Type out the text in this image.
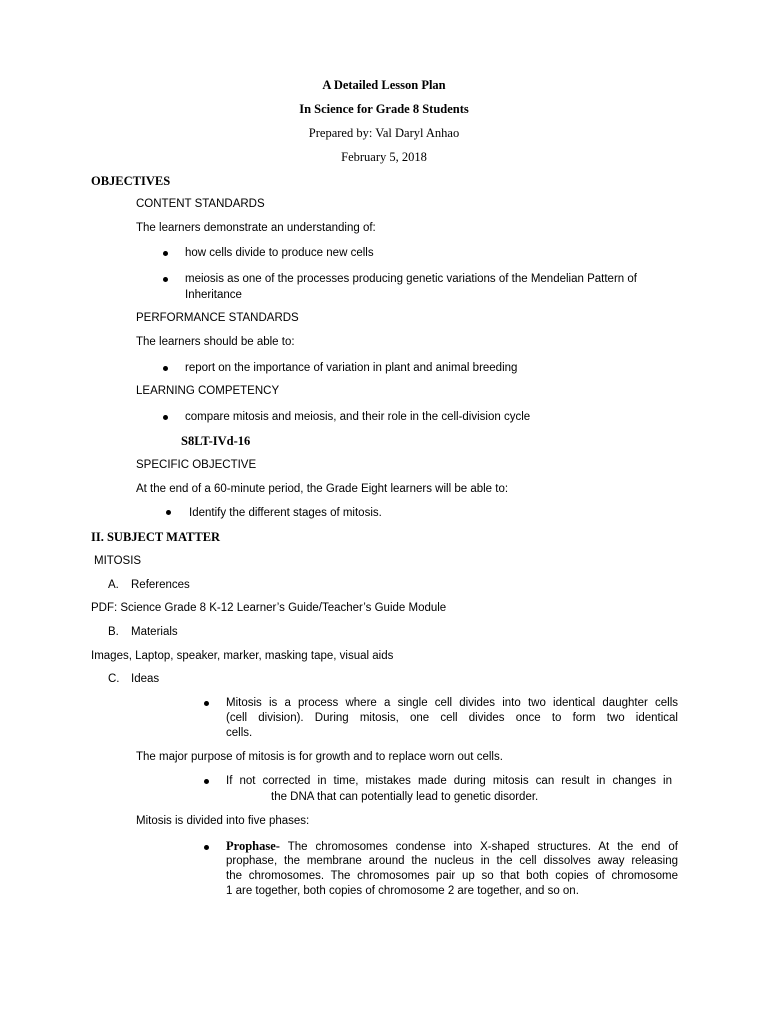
A Detailed Lesson Plan
In Science for Grade 8 Students
Prepared by: Val Daryl Anhao
February 5, 2018
OBJECTIVES
CONTENT STANDARDS
The learners demonstrate an understanding of:
how cells divide to produce new cells
meiosis as one of the processes producing genetic variations of the Mendelian Pattern of
Inheritance
PERFORMANCE STANDARDS
The learners should be able to:
report on the importance of variation in plant and animal breeding
LEARNING COMPETENCY
compare mitosis and meiosis, and their role in the cell-division cycle
S8LT-IVd-16
SPECIFIC OBJECTIVE
At the end of a 60-minute period, the Grade Eight learners will be able to:
Identify the different stages of mitosis.
II. SUBJECT MATTER
MITOSIS
A. References
PDF: Science Grade 8 K-12 Learner’s Guide/Teacher’s Guide Module
B. Materials
Images, Laptop, speaker, marker, masking tape, visual aids
C. Ideas
Mitosis is a process where a single cell divides into two identical daughter cells
(cell division). During mitosis, one cell divides once to form two identical
cells.
The major purpose of mitosis is for growth and to replace worn out cells.
If not corrected in time, mistakes made during mitosis can result in changes in
the DNA that can potentially lead to genetic disorder.
Mitosis is divided into five phases:
Prophase- The chromosomes condense into X-shaped structures. At the end of
prophase, the membrane around the nucleus in the cell dissolves away releasing
the chromosomes. The chromosomes pair up so that both copies of chromosome
1 are together, both copies of chromosome 2 are together, and so on.
